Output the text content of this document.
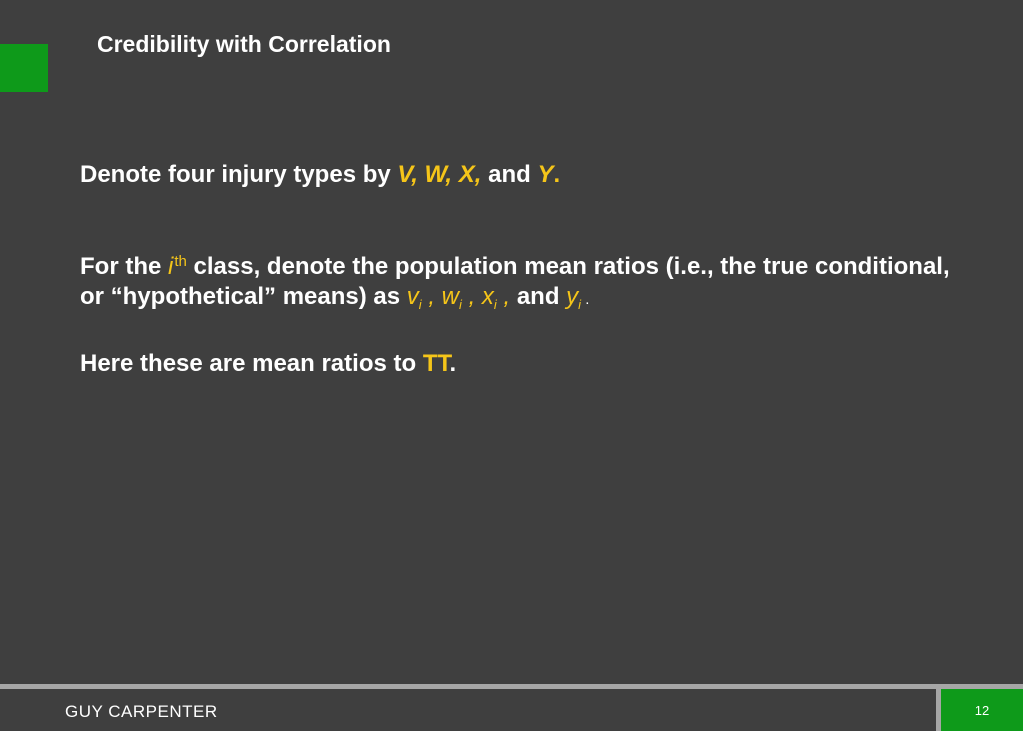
Credibility with Correlation

Denote four injury types by V, W, X, and Y.

For the $i^{th}$ class, denote the population mean ratios (i.e., the true conditional, or “hypothetical” means) as $v_i$ , $w_i$ , $x_i$ , and $y_i$ .

Here these are mean ratios to TT.

GUY CARPENTER	12
